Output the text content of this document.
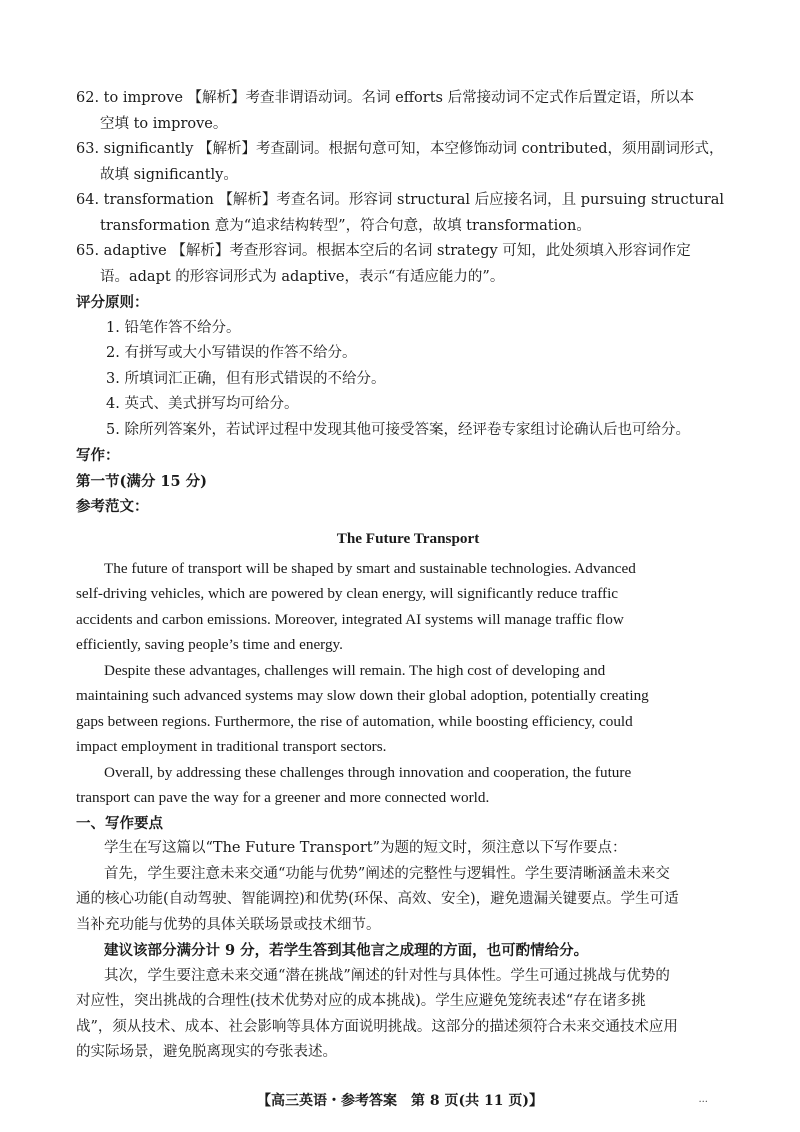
62. to improve 【解析】考查非谓语动词。名词 efforts 后常接动词不定式作后置定语，所以本
空填 to improve。
63. significantly 【解析】考查副词。根据句意可知，本空修饰动词 contributed，须用副词形式，
故填 significantly。
64. transformation 【解析】考查名词。形容词 structural 后应接名词，且 pursuing structural
transformation 意为“追求结构转型”，符合句意，故填 transformation。
65. adaptive 【解析】考查形容词。根据本空后的名词 strategy 可知，此处须填入形容词作定
语。adapt 的形容词形式为 adaptive，表示“有适应能力的”。
评分原则：
1. 铅笔作答不给分。
2. 有拼写或大小写错误的作答不给分。
3. 所填词汇正确，但有形式错误的不给分。
4. 英式、美式拼写均可给分。
5. 除所列答案外，若试评过程中发现其他可接受答案，经评卷专家组讨论确认后也可给分。
写作：
第一节(满分 15 分)
参考范文：
The Future Transport
The future of transport will be shaped by smart and sustainable technologies. Advanced
self-driving vehicles, which are powered by clean energy, will significantly reduce traffic
accidents and carbon emissions. Moreover, integrated AI systems will manage traffic flow
efficiently, saving people’s time and energy.
Despite these advantages, challenges will remain. The high cost of developing and
maintaining such advanced systems may slow down their global adoption, potentially creating
gaps between regions. Furthermore, the rise of automation, while boosting efficiency, could
impact employment in traditional transport sectors.
Overall, by addressing these challenges through innovation and cooperation, the future
transport can pave the way for a greener and more connected world.
一、写作要点
学生在写这篇以“The Future Transport”为题的短文时，须注意以下写作要点：
首先，学生要注意未来交通“功能与优势”阐述的完整性与逻辑性。学生要清晰涵盖未来交
通的核心功能(自动驾驶、智能调控)和优势(环保、高效、安全)，避免遗漏关键要点。学生可适
当补充功能与优势的具体关联场景或技术细节。
建议该部分满分计 9 分，若学生答到其他言之成理的方面，也可酌情给分。
其次，学生要注意未来交通“潜在挑战”阐述的针对性与具体性。学生可通过挑战与优势的
对应性，突出挑战的合理性(技术优势对应的成本挑战)。学生应避免笼统表述“存在诸多挑
战”，须从技术、成本、社会影响等具体方面说明挑战。这部分的描述须符合未来交通技术应用
的实际场景，避免脱离现实的夸张表述。
【高三英语・参考答案　第 8 页(共 11 页)】	...
